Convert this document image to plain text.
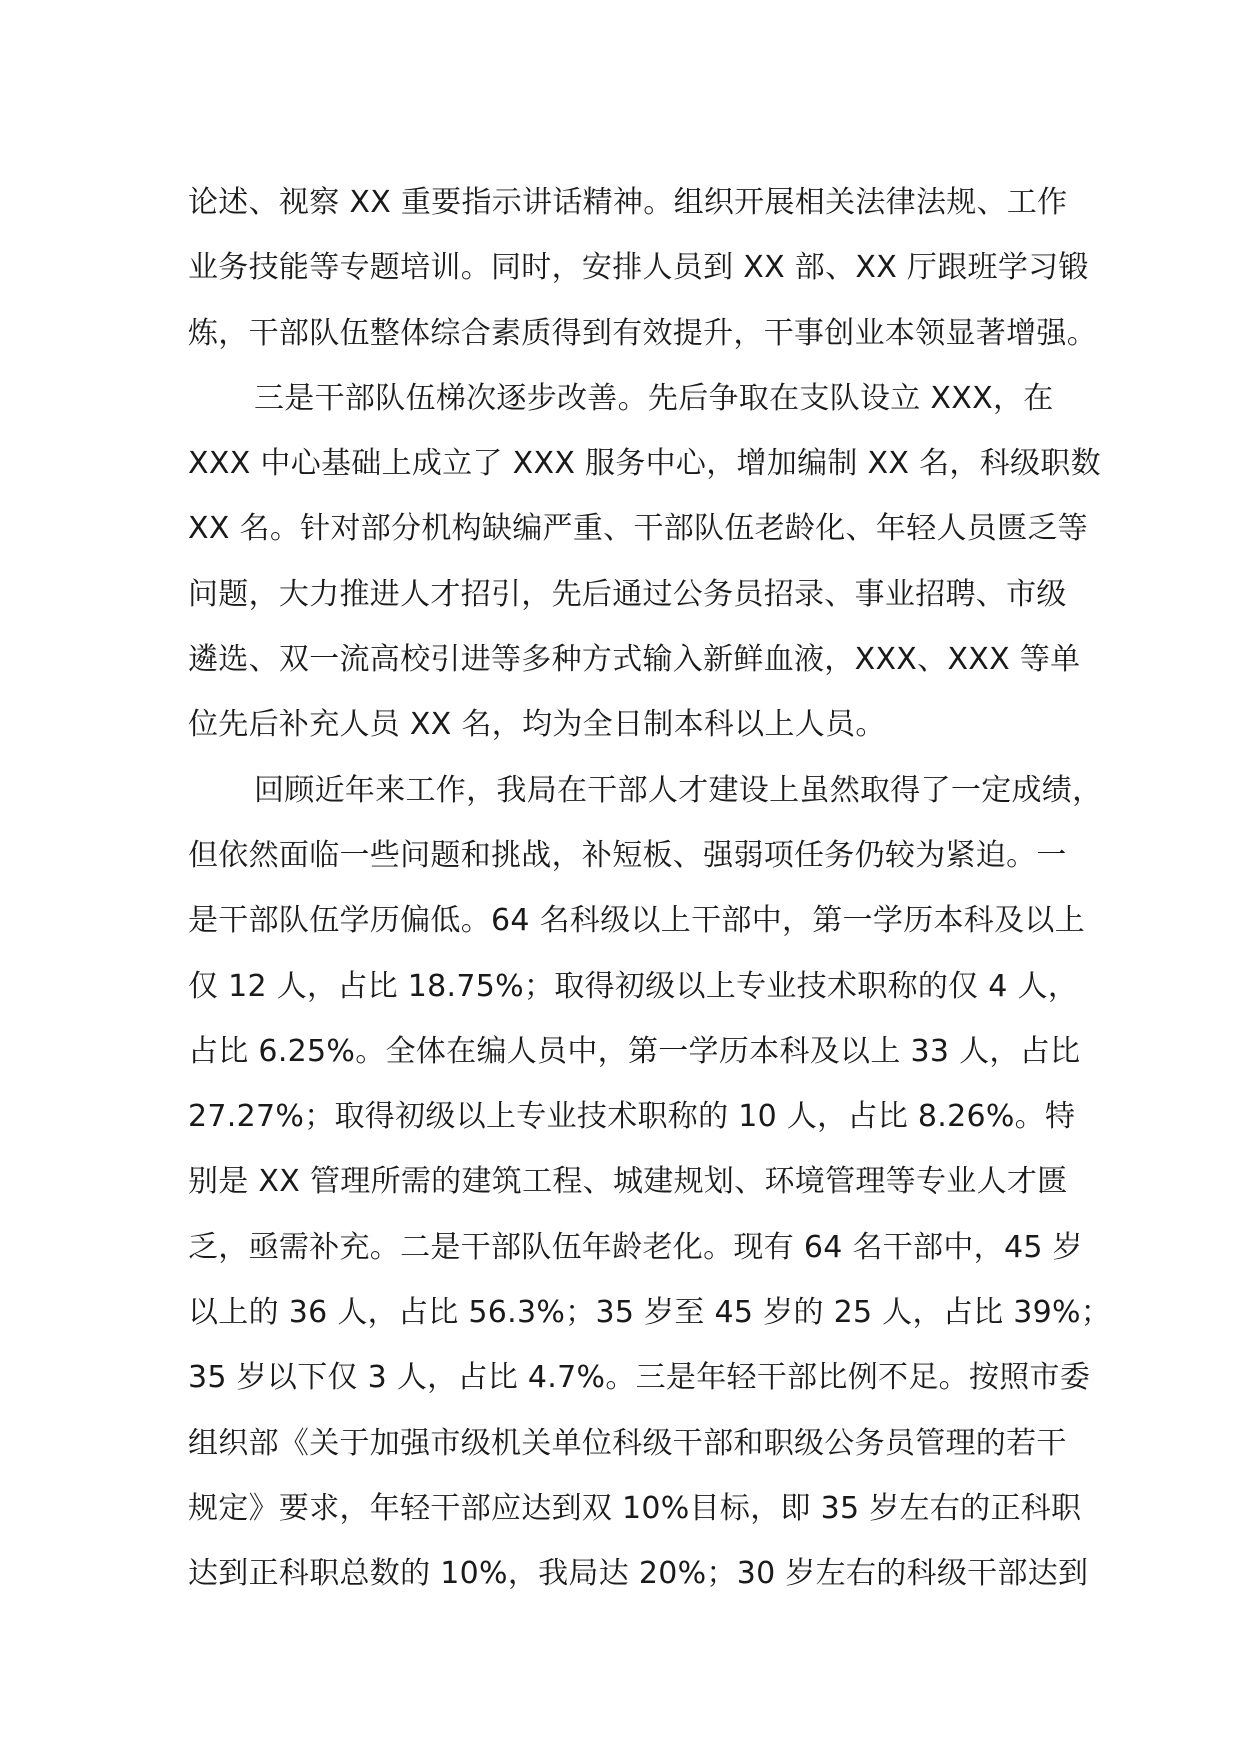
论述、视察 XX 重要指示讲话精神。组织开展相关法律法规、工作
业务技能等专题培训。同时，安排人员到 XX 部、XX 厅跟班学习锻
炼，干部队伍整体综合素质得到有效提升，干事创业本领显著增强。
三是干部队伍梯次逐步改善。先后争取在支队设立 XXX，在
XXX 中心基础上成立了 XXX 服务中心，增加编制 XX 名，科级职数
XX 名。针对部分机构缺编严重、干部队伍老龄化、年轻人员匮乏等
问题，大力推进人才招引，先后通过公务员招录、事业招聘、市级
遴选、双一流高校引进等多种方式输入新鲜血液，XXX、XXX 等单
位先后补充人员 XX 名，均为全日制本科以上人员。
回顾近年来工作，我局在干部人才建设上虽然取得了一定成绩，
但依然面临一些问题和挑战，补短板、强弱项任务仍较为紧迫。一
是干部队伍学历偏低。64 名科级以上干部中，第一学历本科及以上
仅 12 人，占比 18.75%；取得初级以上专业技术职称的仅 4 人，
占比 6.25%。全体在编人员中，第一学历本科及以上 33 人，占比
27.27%；取得初级以上专业技术职称的 10 人，占比 8.26%。特
别是 XX 管理所需的建筑工程、城建规划、环境管理等专业人才匮
乏，亟需补充。二是干部队伍年龄老化。现有 64 名干部中，45 岁
以上的 36 人，占比 56.3%；35 岁至 45 岁的 25 人，占比 39%；
35 岁以下仅 3 人，占比 4.7%。三是年轻干部比例不足。按照市委
组织部《关于加强市级机关单位科级干部和职级公务员管理的若干
规定》要求，年轻干部应达到双 10%目标，即 35 岁左右的正科职
达到正科职总数的 10%，我局达 20%；30 岁左右的科级干部达到
